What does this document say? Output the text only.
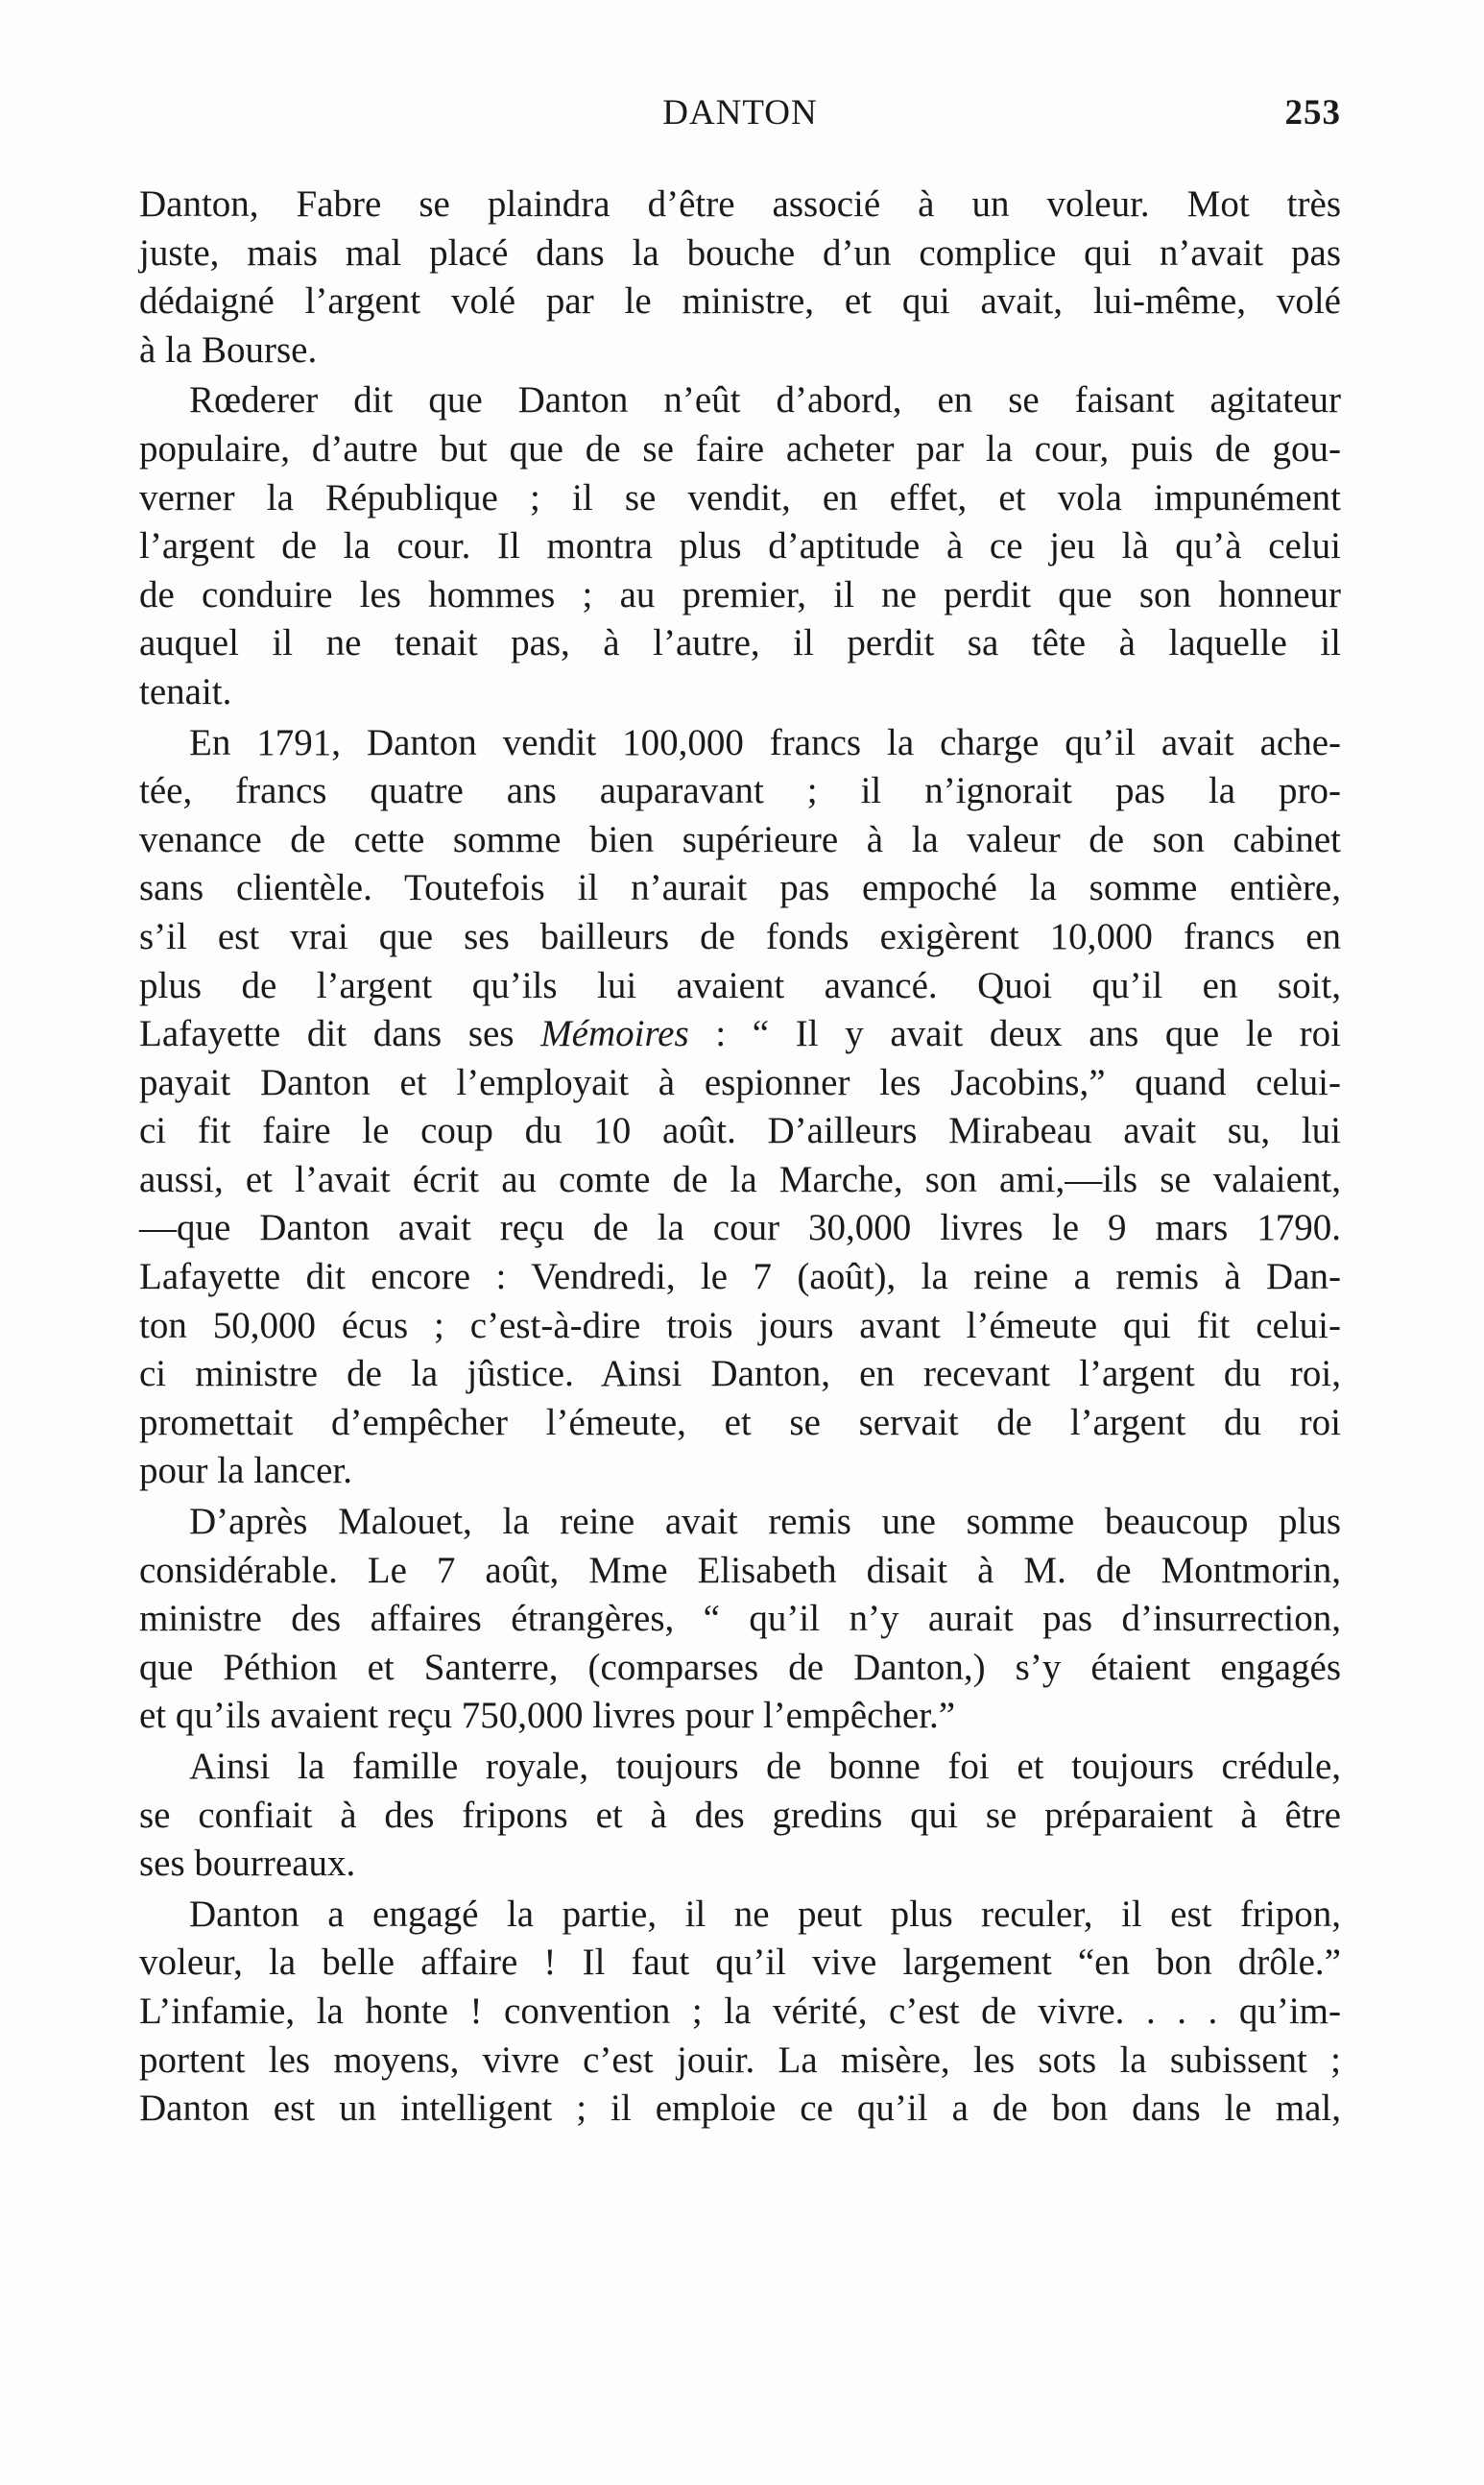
DANTON	253
Danton, Fabre se plaindra d’être associé à un voleur. Mot très
juste, mais mal placé dans la bouche d’un complice qui n’avait pas
dédaigné l’argent volé par le ministre, et qui avait, lui-même, volé
à la Bourse.
Rœderer dit que Danton n’eût d’abord, en se faisant agitateur
populaire, d’autre but que de se faire acheter par la cour, puis de gou-
verner la République ; il se vendit, en effet, et vola impunément
l’argent de la cour. Il montra plus d’aptitude à ce jeu là qu’à celui
de conduire les hommes ; au premier, il ne perdit que son honneur
auquel il ne tenait pas, à l’autre, il perdit sa tête à laquelle il
tenait.
En 1791, Danton vendit 100,000 francs la charge qu’il avait ache-
tée, francs quatre ans auparavant ; il n’ignorait pas la pro-
venance de cette somme bien supérieure à la valeur de son cabinet
sans clientèle. Toutefois il n’aurait pas empoché la somme entière,
s’il est vrai que ses bailleurs de fonds exigèrent 10,000 francs en
plus de l’argent qu’ils lui avaient avancé. Quoi qu’il en soit,
Lafayette dit dans ses Mémoires : “ Il y avait deux ans que le roi
payait Danton et l’employait à espionner les Jacobins,” quand celui-
ci fit faire le coup du 10 août. D’ailleurs Mirabeau avait su, lui
aussi, et l’avait écrit au comte de la Marche, son ami,—ils se valaient,
—que Danton avait reçu de la cour 30,000 livres le 9 mars 1790.
Lafayette dit encore : Vendredi, le 7 (août), la reine a remis à Dan-
ton 50,000 écus ; c’est-à-dire trois jours avant l’émeute qui fit celui-
ci ministre de la jûstice. Ainsi Danton, en recevant l’argent du roi,
promettait d’empêcher l’émeute, et se servait de l’argent du roi
pour la lancer.
D’après Malouet, la reine avait remis une somme beaucoup plus
considérable. Le 7 août, Mme Elisabeth disait à M. de Montmorin,
ministre des affaires étrangères, “ qu’il n’y aurait pas d’insurrection,
que Péthion et Santerre, (comparses de Danton,) s’y étaient engagés
et qu’ils avaient reçu 750,000 livres pour l’empêcher.”
Ainsi la famille royale, toujours de bonne foi et toujours crédule,
se confiait à des fripons et à des gredins qui se préparaient à être
ses bourreaux.
Danton a engagé la partie, il ne peut plus reculer, il est fripon,
voleur, la belle affaire ! Il faut qu’il vive largement “en bon drôle.”
L’infamie, la honte ! convention ; la vérité, c’est de vivre. . . . qu’im-
portent les moyens, vivre c’est jouir. La misère, les sots la subissent ;
Danton est un intelligent ; il emploie ce qu’il a de bon dans le mal,
